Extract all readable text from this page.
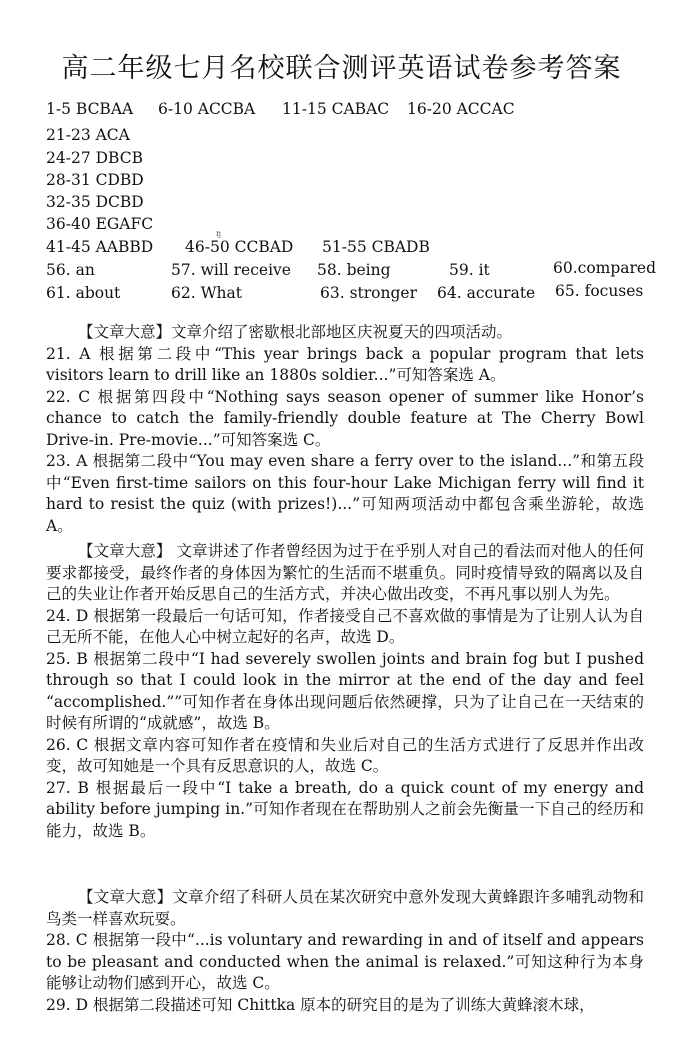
高二年级七月名校联合测评英语试卷参考答案
1-5 BCBAA 6-10 ACCBA 11-15 CABAC 16-20 ACCAC
21-23 ACA
24-27 DBCB
28-31 CDBD
32-35 DCBD
36-40 EGAFC
ŋ
41-45 AABBD 46-50 CCBAD 51-55 CBADB
56. an	57. will receive 58. being	59. it	60.compared
61. about	62. What	63. stronger 64. accurate 65. focuses

【文章大意】文章介绍了密歇根北部地区庆祝夏天的四项活动。

21. A 根据第二段中“This year brings back a popular program that lets visitors learn to drill like an 1880s soldier...”可知答案选 A。

22. C 根据第四段中“Nothing says season opener of summer like Honor’s chance to catch the family-friendly double feature at The Cherry Bowl Drive-in. Pre-movie...”可知答案选 C。

23. A 根据第二段中“You may even share a ferry over to the island...”和第五段中“Even first-time sailors on this four-hour Lake Michigan ferry will find it hard to resist the quiz (with prizes!)...”可知两项活动中都包含乘坐游轮，故选 A。

【文章大意】 文章讲述了作者曾经因为过于在乎别人对自己的看法而对他人的任何要求都接受，最终作者的身体因为繁忙的生活而不堪重负。同时疫情导致的隔离以及自己的失业让作者开始反思自己的生活方式，并决心做出改变，不再凡事以别人为先。

24. D 根据第一段最后一句话可知，作者接受自己不喜欢做的事情是为了让别人认为自己无所不能，在他人心中树立起好的名声，故选 D。

25. B 根据第二段中“I had severely swollen joints and brain fog but I pushed through so that I could look in the mirror at the end of the day and feel “accomplished.””可知作者在身体出现问题后依然硬撑，只为了让自己在一天结束的时候有所谓的“成就感”，故选 B。

26. C 根据文章内容可知作者在疫情和失业后对自己的生活方式进行了反思并作出改变，故可知她是一个具有反思意识的人，故选 C。

27. B 根据最后一段中“I take a breath, do a quick count of my energy and ability before jumping in.”可知作者现在在帮助别人之前会先衡量一下自己的经历和能力，故选 B。

【文章大意】文章介绍了科研人员在某次研究中意外发现大黄蜂跟许多哺乳动物和鸟类一样喜欢玩耍。

28. C 根据第一段中“...is voluntary and rewarding in and of itself and appears to be pleasant and conducted when the animal is relaxed.”可知这种行为本身能够让动物们感到开心，故选 C。

29. D 根据第二段描述可知 Chittka 原本的研究目的是为了训练大黄蜂滚木球，
